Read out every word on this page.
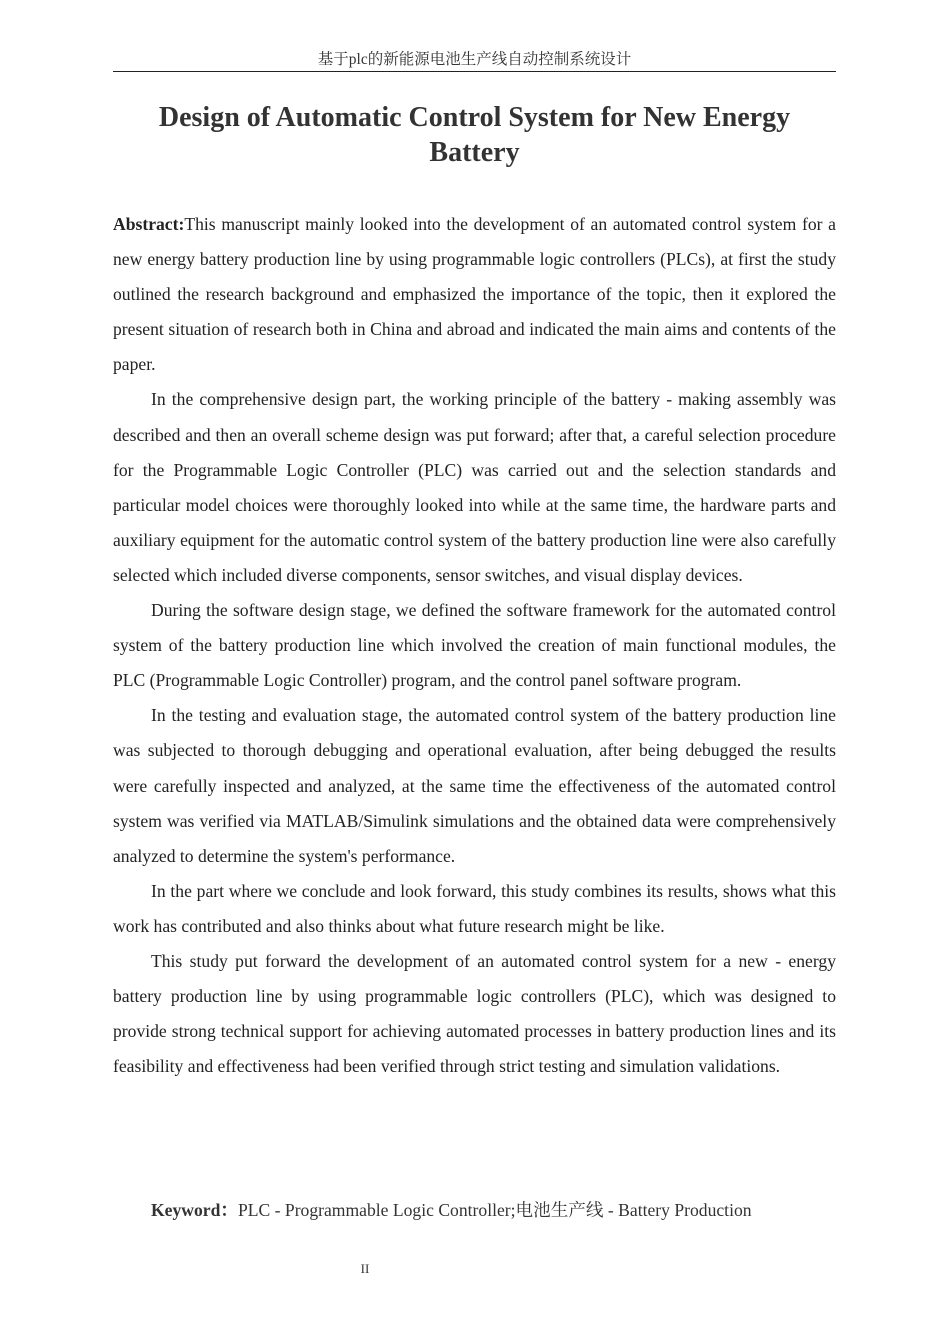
基于plc的新能源电池生产线自动控制系统设计
Design of Automatic Control System for New Energy Battery

Abstract:This manuscript mainly looked into the development of an automated control system for a new energy battery production line by using programmable logic controllers (PLCs), at first the study outlined the research background and emphasized the importance of the topic, then it explored the present situation of research both in China and abroad and indicated the main aims and contents of the paper.

In the comprehensive design part, the working principle of the battery - making assembly was described and then an overall scheme design was put forward; after that, a careful selection procedure for the Programmable Logic Controller (PLC) was carried out and the selection standards and particular model choices were thoroughly looked into while at the same time, the hardware parts and auxiliary equipment for the automatic control system of the battery production line were also carefully selected which included diverse components, sensor switches, and visual display devices.

During the software design stage, we defined the software framework for the automated control system of the battery production line which involved the creation of main functional modules, the PLC (Programmable Logic Controller) program, and the control panel software program.

In the testing and evaluation stage, the automated control system of the battery production line was subjected to thorough debugging and operational evaluation, after being debugged the results were carefully inspected and analyzed, at the same time the effectiveness of the automated control system was verified via MATLAB/Simulink simulations and the obtained data were comprehensively analyzed to determine the system's performance.

In the part where we conclude and look forward, this study combines its results, shows what this work has contributed and also thinks about what future research might be like.

This study put forward the development of an automated control system for a new - energy battery production line by using programmable logic controllers (PLC), which was designed to provide strong technical support for achieving automated processes in battery production lines and its feasibility and effectiveness had been verified through strict testing and simulation validations.

Keyword：PLC - Programmable Logic Controller;电池生产线 - Battery Production
II
